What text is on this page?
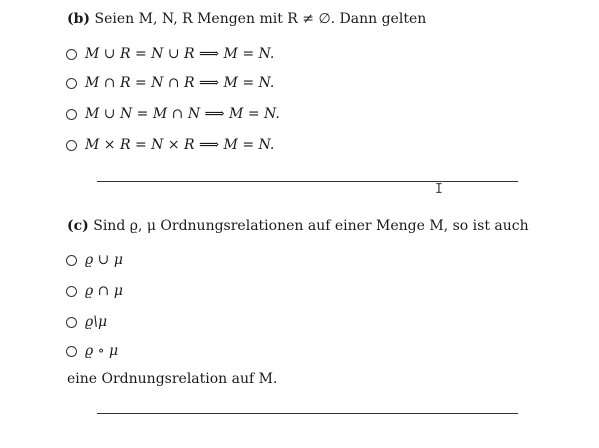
(b) Seien M, N, R Mengen mit R ≠ ∅. Dann gelten
M ∪ R = N ∪ R ⟹ M = N.
M ∩ R = N ∩ R ⟹ M = N.
M ∪ N = M ∩ N ⟹ M = N.
M × R = N × R ⟹ M = N.
I
(c) Sind ϱ, μ Ordnungsrelationen auf einer Menge M, so ist auch
ϱ ∪ μ
ϱ ∩ μ
ϱ\μ
ϱ ∘ μ
eine Ordnungsrelation auf M.
